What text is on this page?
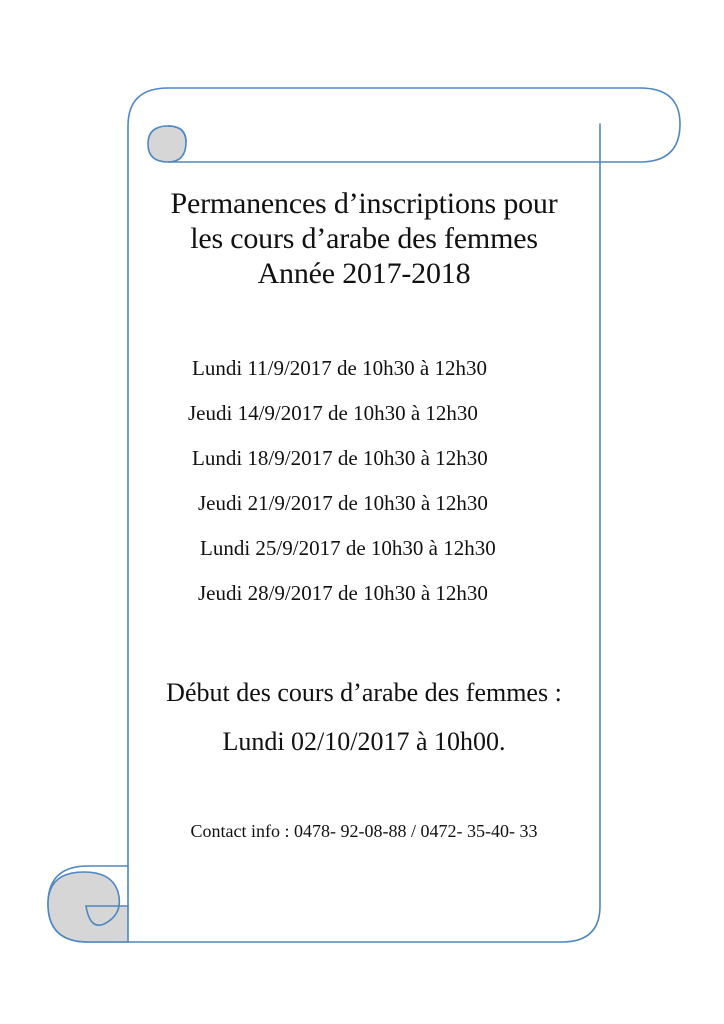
Permanences d’inscriptions pour
les cours d’arabe des femmes
Année 2017-2018
Lundi 11/9/2017 de 10h30 à 12h30
Jeudi 14/9/2017 de 10h30 à 12h30
Lundi 18/9/2017 de 10h30 à 12h30
Jeudi 21/9/2017 de 10h30 à 12h30
Lundi 25/9/2017 de 10h30 à 12h30
Jeudi 28/9/2017 de 10h30 à 12h30
Début des cours d’arabe des femmes :
Lundi 02/10/2017 à 10h00.
Contact info : 0478- 92-08-88 / 0472- 35-40- 33
